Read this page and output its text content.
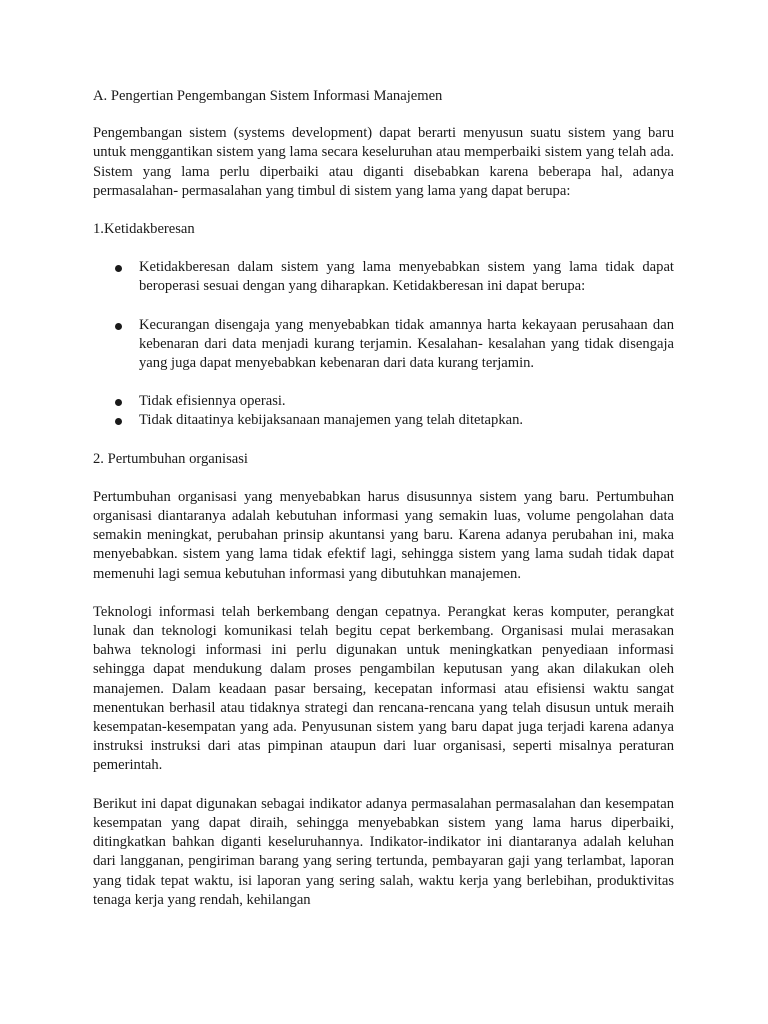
A. Pengertian Pengembangan Sistem Informasi Manajemen

Pengembangan sistem (systems development) dapat berarti menyusun suatu sistem yang baru untuk menggantikan sistem yang lama secara keseluruhan atau memperbaiki sistem yang telah ada. Sistem yang lama perlu diperbaiki atau diganti disebabkan karena beberapa hal, adanya permasalahan- permasalahan yang timbul di sistem yang lama yang dapat berupa:

1.Ketidakberesan

Ketidakberesan dalam sistem yang lama menyebabkan sistem yang lama tidak dapat beroperasi sesuai dengan yang diharapkan. Ketidakberesan ini dapat berupa:
Kecurangan disengaja yang menyebabkan tidak amannya harta kekayaan perusahaan dan kebenaran dari data menjadi kurang terjamin. Kesalahan- kesalahan yang tidak disengaja yang juga dapat menyebabkan kebenaran dari data kurang terjamin.
Tidak efisiennya operasi.
Tidak ditaatinya kebijaksanaan manajemen yang telah ditetapkan.

2. Pertumbuhan organisasi

Pertumbuhan organisasi yang menyebabkan harus disusunnya sistem yang baru. Pertumbuhan organisasi diantaranya adalah kebutuhan informasi yang semakin luas, volume pengolahan data semakin meningkat, perubahan prinsip akuntansi yang baru. Karena adanya perubahan ini, maka menyebabkan. sistem yang lama tidak efektif lagi, sehingga sistem yang lama sudah tidak dapat memenuhi lagi semua kebutuhan informasi yang dibutuhkan manajemen.

Teknologi informasi telah berkembang dengan cepatnya. Perangkat keras komputer, perangkat lunak dan teknologi komunikasi telah begitu cepat berkembang. Organisasi mulai merasakan bahwa teknologi informasi ini perlu digunakan untuk meningkatkan penyediaan informasi sehingga dapat mendukung dalam proses pengambilan keputusan yang akan dilakukan oleh manajemen. Dalam keadaan pasar bersaing, kecepatan informasi atau efisiensi waktu sangat menentukan berhasil atau tidaknya strategi dan rencana-rencana yang telah disusun untuk meraih kesempatan-kesempatan yang ada. Penyusunan sistem yang baru dapat juga terjadi karena adanya instruksi instruksi dari atas pimpinan ataupun dari luar organisasi, seperti misalnya peraturan pemerintah.

Berikut ini dapat digunakan sebagai indikator adanya permasalahan permasalahan dan kesempatan kesempatan yang dapat diraih, sehingga menyebabkan sistem yang lama harus diperbaiki, ditingkatkan bahkan diganti keseluruhannya. Indikator-indikator ini diantaranya adalah keluhan dari langganan, pengiriman barang yang sering tertunda, pembayaran gaji yang terlambat, laporan yang tidak tepat waktu, isi laporan yang sering salah, waktu kerja yang berlebihan, produktivitas tenaga kerja yang rendah, kehilangan
